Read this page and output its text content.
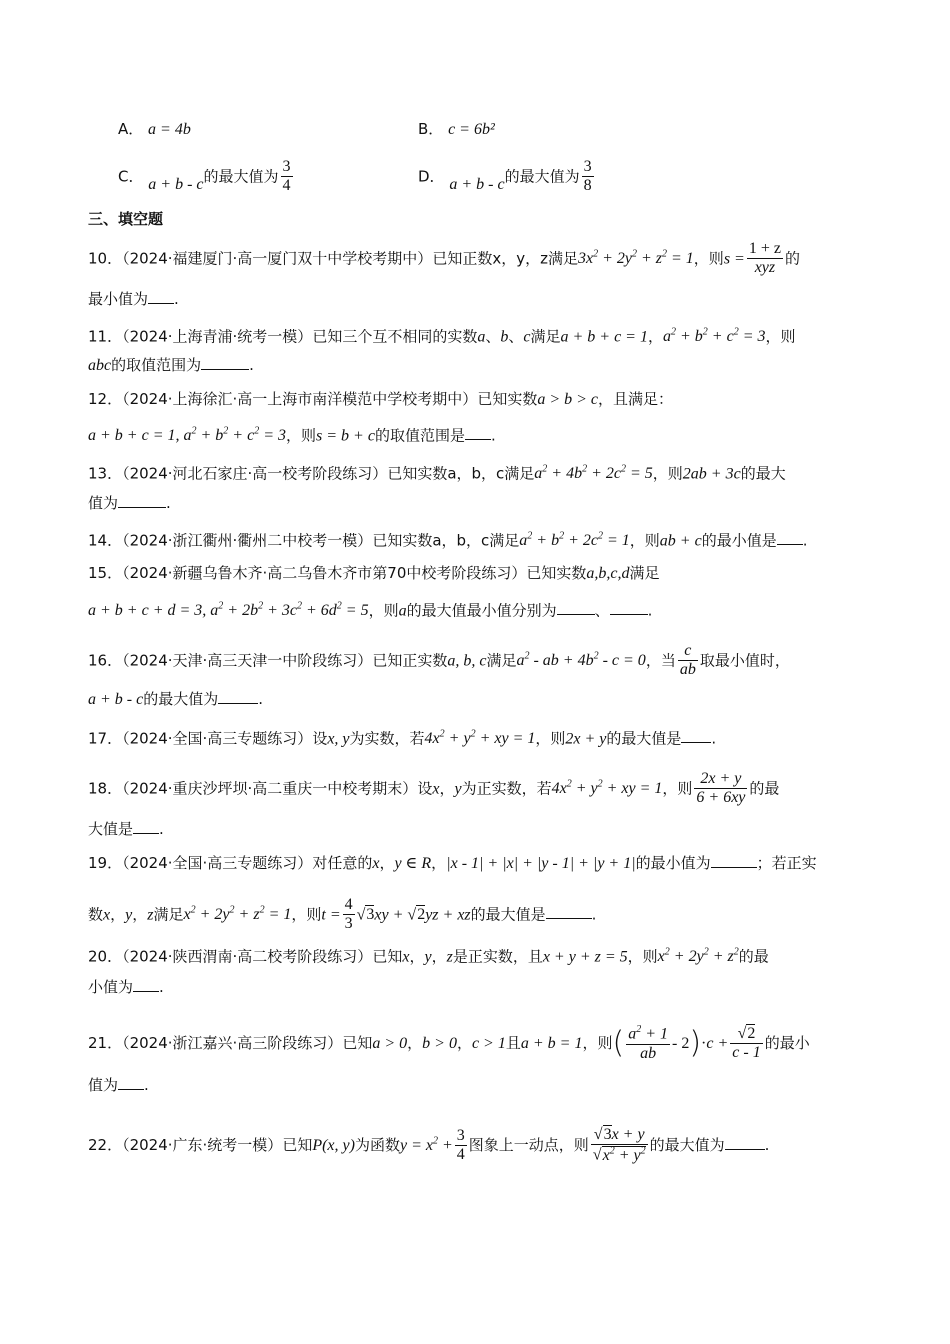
A． a = 4b	B． c = 6b²
C． a + b - c的最大值为 $\frac{3}{4}$	D． a + b - c的最大值为 $\frac{3}{8}$
三、填空题
10．（2024·福建厦门·高一厦门双十中学校考期中）已知正数x，y，z满足$3x^2 + 2y^2 + z^2 = 1$，则$s = \frac{1 + z}{\text{xyz}}$ 的
最小值为 .
11．（2024·上海青浦·统考一模）已知三个互不相同的实数a、b、c满足a + b + c = 1，$a^2 + b^2 + c^2 = 3$，则
abc的取值范围为	.
12．（2024·上海徐汇·高一上海市南洋模范中学校考期中）已知实数a > b > c，且满足：
a + b + c = 1, $a^2 + b^2 + c^2 = 3$，则s = b + c的取值范围是 .
13．（2024·河北石家庄·高一校考阶段练习）已知实数a，b，c满足$a^2 + 4b^2 + 2c^2 = 5$，则2ab + 3c的最大
值为	.
14．（2024·浙江衢州·衢州二中校考一模）已知实数a，b，c满足$a^2 + b^2 + 2c^2 = 1$，则ab + c的最小值是 .
15．（2024·新疆乌鲁木齐·高二乌鲁木齐市第70中校考阶段练习）已知实数a,b,c,d满足
a + b + c + d = 3, $a^2 + 2b^2 + 3c^2 + 6d^2 = 5$，则a的最大值最小值分别为	、	.
16．（2024·天津·高三天津一中阶段练习）已知正实数a, b, c满足$a^2$ - ab + $4b^2 - c = 0$，当 $\frac{c}{ab}$ 取最小值时，
a + b - c的最大值为	.
17．（2024·全国·高三专题练习）设x, y为实数，若$4x^2 + y^2$ + xy = 1，则2x + y的最大值是 .
18．（2024·重庆沙坪坝·高二重庆一中校考期末）设x，y为正实数，若$4x^2 + y^2$ + xy = 1，则 $\frac{2x + y}{6 + 6xy}$ 的最
大值是 .
19．（2024·全国·高三专题练习）对任意的x，y ∈ R，|x - 1| + |x| + |y - 1| + |y + 1|的最小值为	；若正实
数x，y，z满足$x^2 + 2y^2 + z^2 = 1$，则$t = \frac{4}{3} √3xy + √2yz$ + xz的最大值是	.
20．（2024·陕西渭南·高二校考阶段练习）已知x，y，z是正实数，且x + y + z = 5，则$x^2 + 2y^2 + z^2$的最
小值为 .
21．（2024·浙江嘉兴·高三阶段练习）已知a > 0，b > 0，c > 1且a + b = 1，则( $\frac{a^2 + 1}{ab} - 2)\cdot c + \frac{√2}{c - 1}$ 的最小
值为 .
22．（2024·广东·统考一模）已知P(x, y)为函数$y = x^2 + \frac{3}{4}$ 图象上一动点，则 $\frac{√3x + y}{√x^2 + y^2}$ 的最大值为	.
